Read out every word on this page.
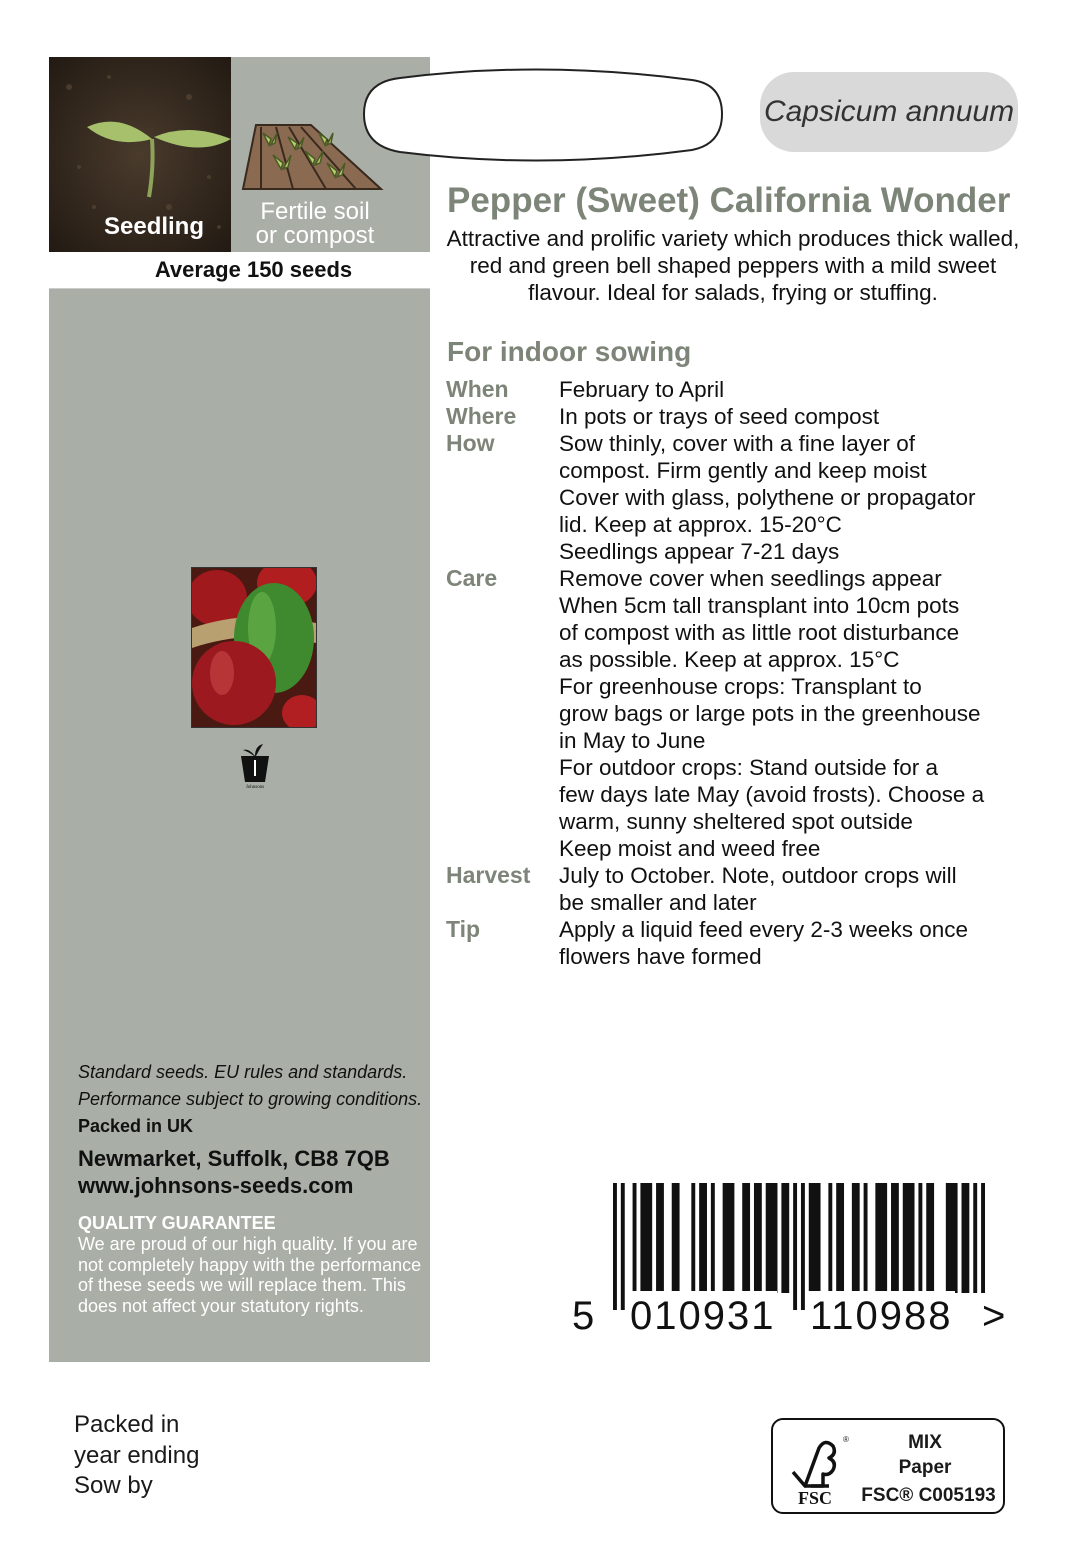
Seedling
Fertile soil
or compost
Average 150 seeds
Johnsons
Standard seeds. EU rules and standards.
Performance subject to growing conditions.
Packed in UK
Newmarket, Suffolk, CB8 7QB
www.johnsons-seeds.com
QUALITY GUARANTEE
We are proud of our high quality. If you are not completely happy with the performance of these seeds we will replace them. This does not affect your statutory rights.
Packed in
year ending
Sow by
Capsicum annuum
Pepper (Sweet) California Wonder
Attractive and prolific variety which produces thick walled, red and green bell shaped peppers with a mild sweet flavour. Ideal for salads, frying or stuffing.
For indoor sowing
When	February to April
Where	In pots or trays of seed compost
How	Sow thinly, cover with a fine layer of
compost. Firm gently and keep moist
Cover with glass, polythene or propagator
lid. Keep at approx. 15-20°C
Seedlings appear 7-21 days
Care	Remove cover when seedlings appear
When 5cm tall transplant into 10cm pots
of compost with as little root disturbance
as possible. Keep at approx. 15°C
For greenhouse crops: Transplant to
grow bags or large pots in the greenhouse
in May to June
For outdoor crops: Stand outside for a
few days late May (avoid frosts). Choose a
warm, sunny sheltered spot outside
Keep moist and weed free
Harvest	July to October. Note, outdoor crops will
be smaller and later
Tip	Apply a liquid feed every 2-3 weeks once
flowers have formed
5 010931 110988 >
FSC
®	MIX
Paper
FSC® C005193
